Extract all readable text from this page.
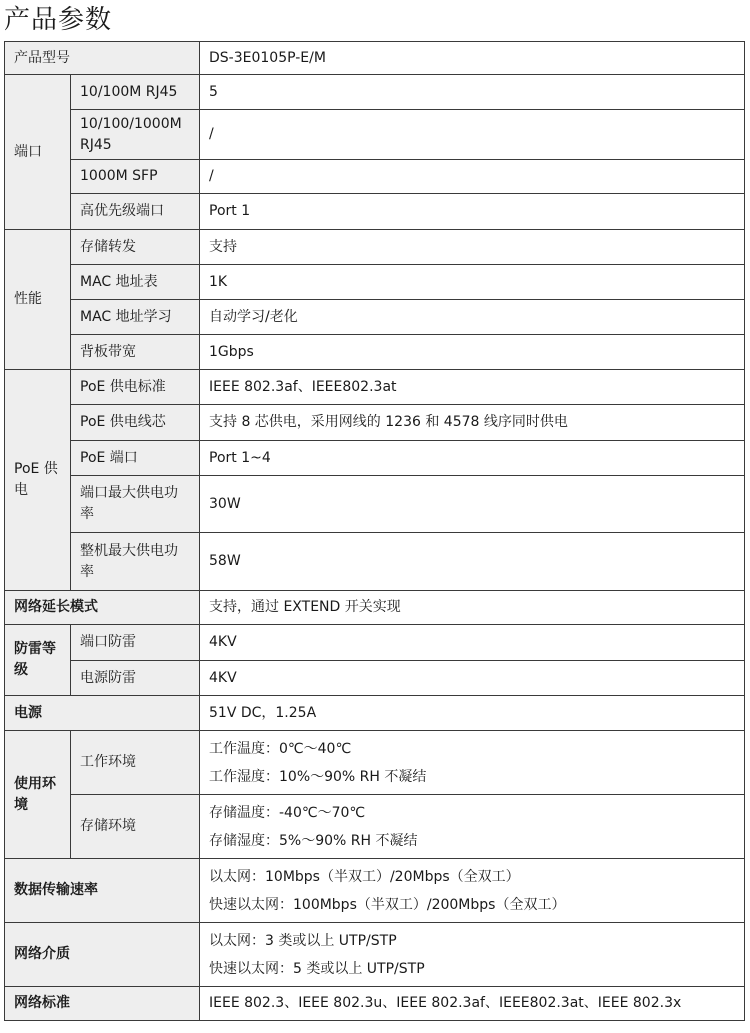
产品参数
产品型号		DS-3E0105P-E/M
端口	10/100M RJ45	5
	10/100/1000M RJ45	/
	1000M SFP	/
	高优先级端口	Port 1
性能	存储转发	支持
	MAC 地址表	1K
	MAC 地址学习	自动学习/老化
	背板带宽	1Gbps
PoE 供电	PoE 供电标准	IEEE 802.3af、IEEE802.3at
	PoE 供电线芯	支持 8 芯供电，采用网线的 1236 和 4578 线序同时供电
	PoE 端口	Port 1~4
	端口最大供电功率	30W
	整机最大供电功率	58W
网络延长模式		支持，通过 EXTEND 开关实现
防雷等级	端口防雷	4KV
	电源防雷	4KV
电源		51V DC，1.25A
使用环境	工作环境	工作温度：0℃～40℃
工作湿度：10%～90% RH 不凝结

	存储环境	存储温度：-40℃～70℃
存储湿度：5%～90% RH 不凝结

数据传输速率		以太网：10Mbps（半双工）/20Mbps（全双工）
快速以太网：100Mbps（半双工）/200Mbps（全双工）

网络介质		以太网：3 类或以上 UTP/STP
快速以太网：5 类或以上 UTP/STP

网络标准		IEEE 802.3、IEEE 802.3u、IEEE 802.3af、IEEE802.3at、IEEE 802.3x
